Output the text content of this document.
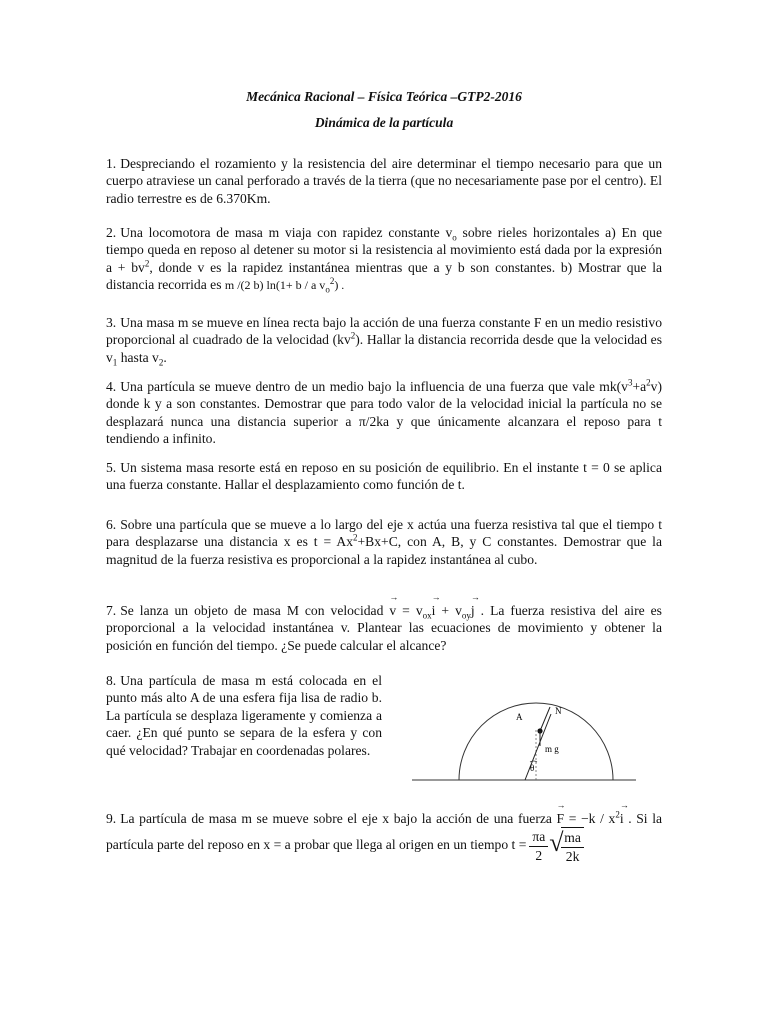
Mecánica Racional – Física Teórica –GTP2-2016
Dinámica de la partícula

1. Despreciando el rozamiento y la resistencia del aire determinar el tiempo necesario para que un cuerpo atraviese un canal perforado a través de la tierra (que no necesariamente pase por el centro). El radio terrestre es de 6.370Km.

2. Una locomotora de masa m viaja con rapidez constante $v_o$ sobre rieles horizontales a) En que tiempo queda en reposo al detener su motor si la resistencia al movimiento está dada por la expresión $a + bv^2$, donde v es la rapidez instantánea mientras que a y b son constantes. b) Mostrar que la distancia recorrida es m /(2 b) ln(1+ b / a $v_o^2$) .

3. Una masa m se mueve en línea recta bajo la acción de una fuerza constante F en un medio resistivo proporcional al cuadrado de la velocidad $(kv^2)$. Hallar la distancia recorrida desde que la velocidad es $v_1$ hasta $v_2$.

4. Una partícula se mueve dentro de un medio bajo la influencia de una fuerza que vale $mk(v^3+a^2v)$ donde k y a son constantes. Demostrar que para todo valor de la velocidad inicial la partícula no se desplazará nunca una distancia superior a π/2ka y que únicamente alcanzara el reposo para t tendiendo a infinito.

5. Un sistema masa resorte está en reposo en su posición de equilibrio. En el instante t = 0 se aplica una fuerza constante. Hallar el desplazamiento como función de t.

6. Sobre una partícula que se mueve a lo largo del eje x actúa una fuerza resistiva tal que el tiempo t para desplazarse una distancia x es $t = Ax^2+Bx+C$, con A, B, y C constantes. Demostrar que la magnitud de la fuerza resistiva es proporcional a la rapidez instantánea al cubo.

7. Se lanza un objeto de masa M con velocidad → $v = v_{ox}\to i + v_{oy}\to j$ . La fuerza resistiva del aire es proporcional a la velocidad instantánea v. Plantear las ecuaciones de movimiento y obtener la posición en función del tiempo. ¿Se puede calcular el alcance?

8. Una partícula de masa m está colocada en el punto más alto A de una esfera fija lisa de radio b. La partícula se desplaza ligeramente y comienza a caer. ¿En qué punto se separa de la esfera y con qué velocidad? Trabajar en coordenadas polares.

A
N
m g
θ

9. La partícula de masa m se mueve sobre el eje x bajo la acción de una fuerza → $F = -k / x^2\to i$ . Si la partícula parte del reposo en x = a probar que llega al origen en un tiempo $t = \frac{\pi a}{2}$
√ $\frac{ma}{2k}$
